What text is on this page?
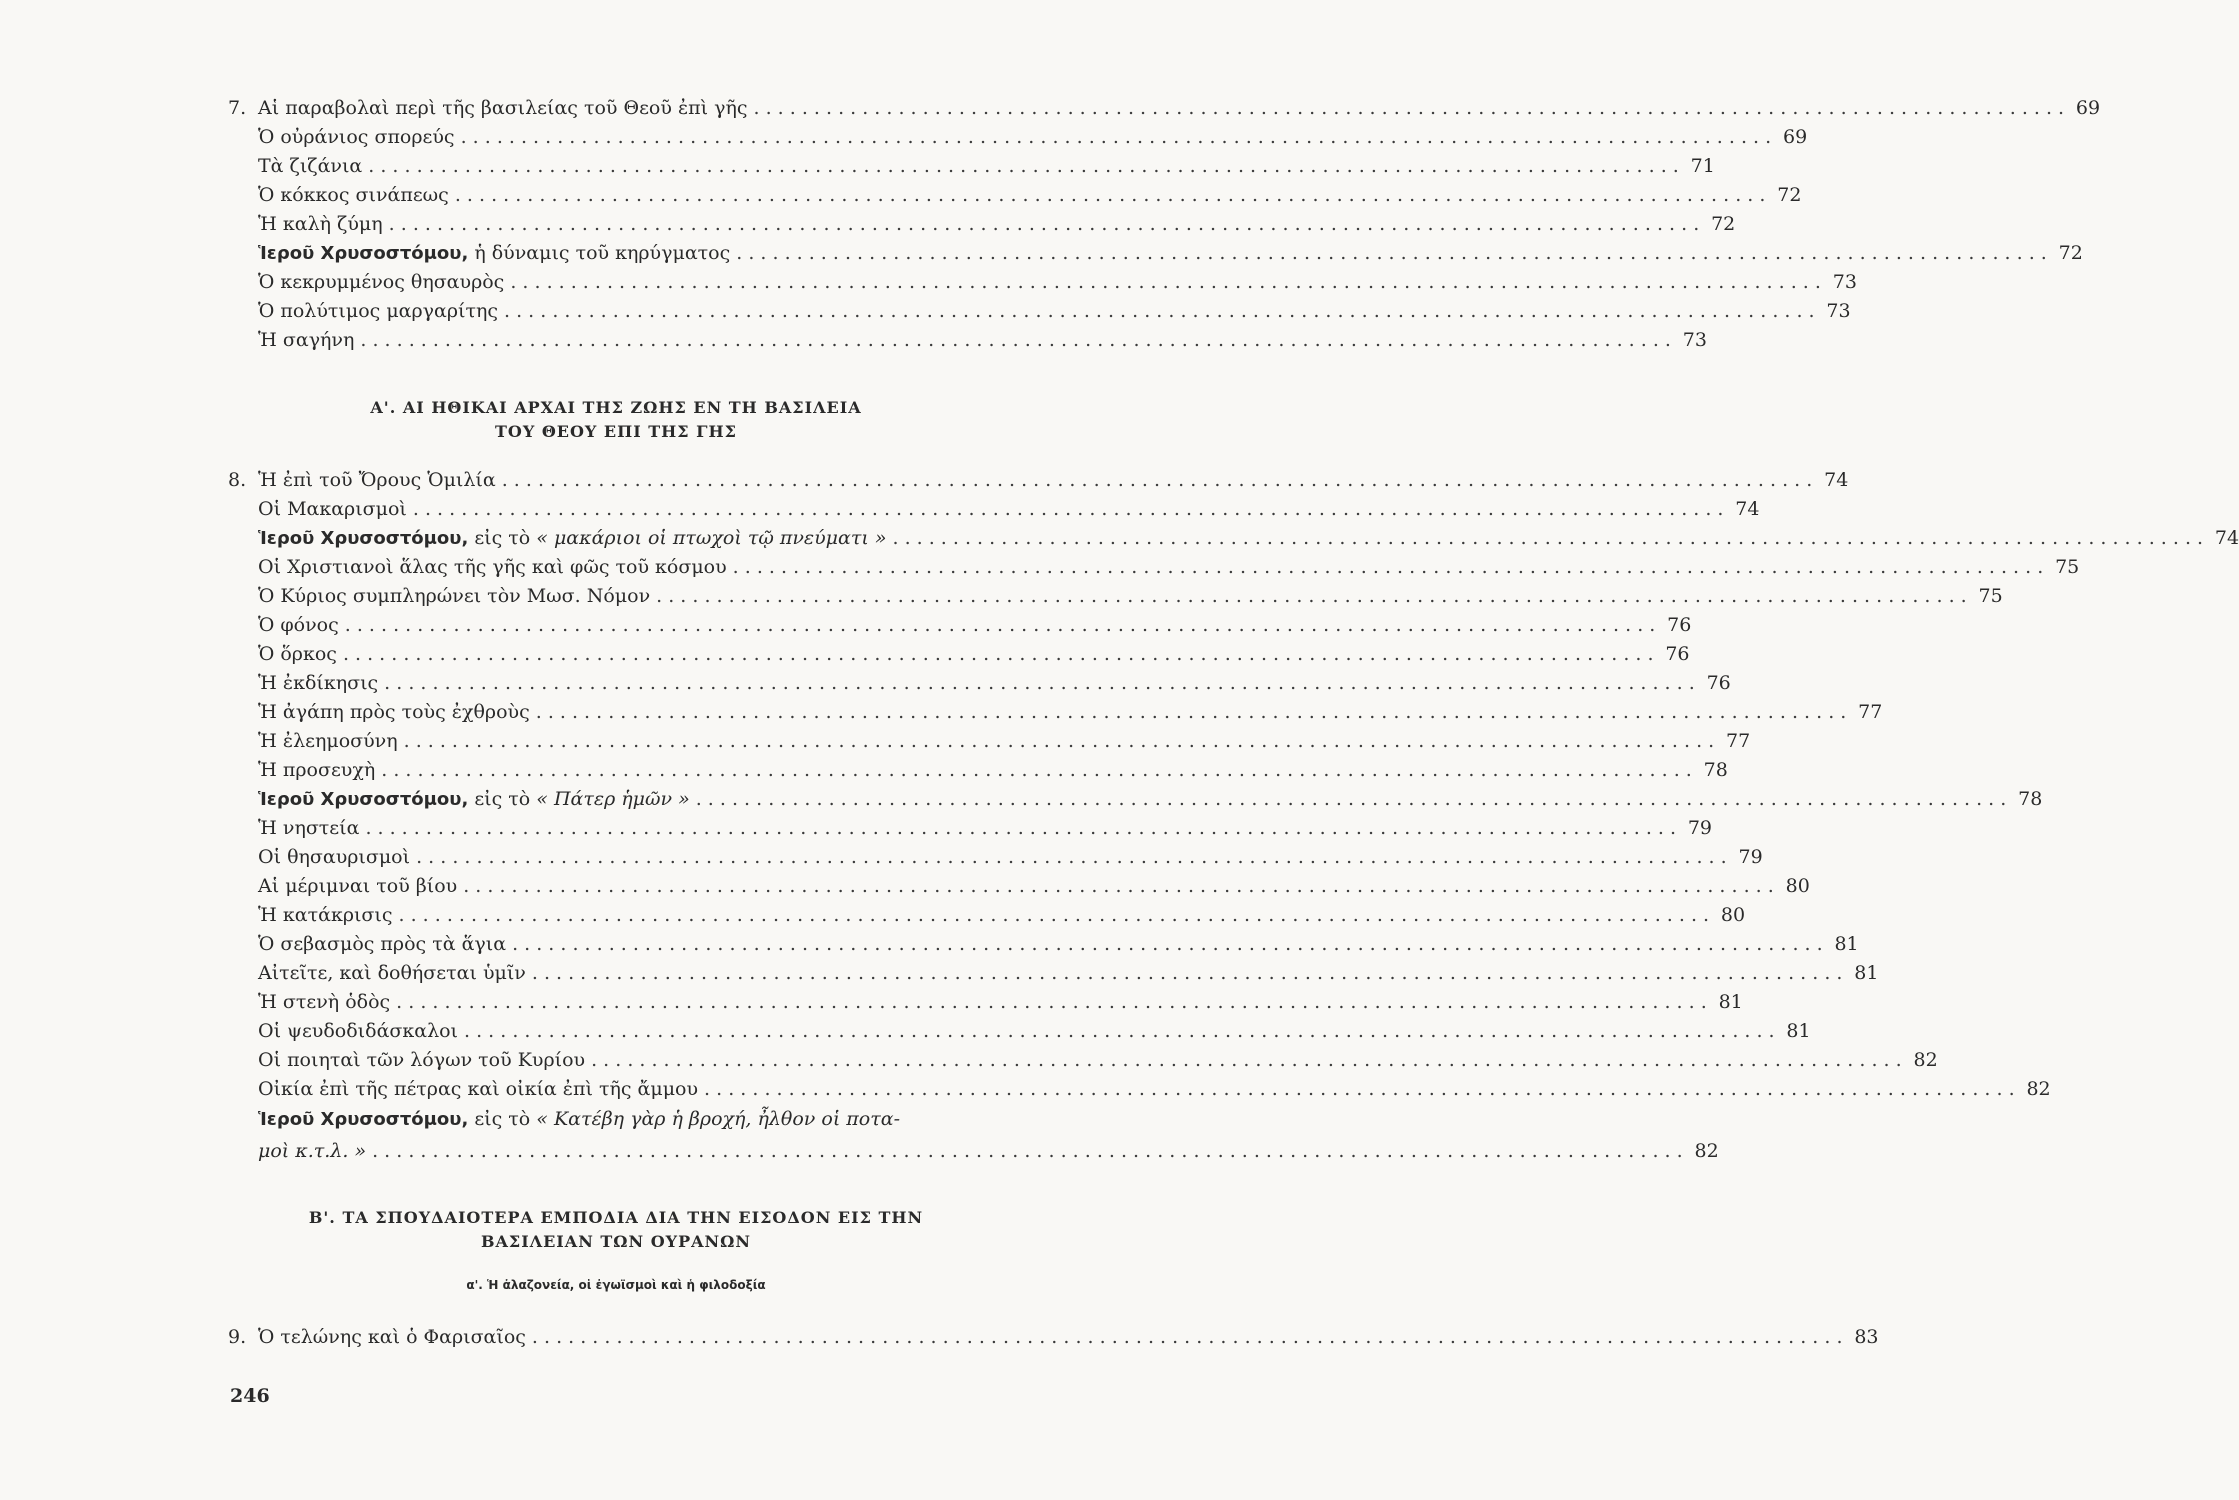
7. Αἱ παραβολαὶ περὶ τῆς βασιλείας τοῦ Θεοῦ ἐπὶ γῆς . . .	69
Ὁ οὐράνιος σπορεύς . . .	69
Τὰ ζιζάνια . . .	71
Ὁ κόκκος σινάπεως . . .	72
Ἡ καλὴ ζύμη . . .	72
Ἱεροῦ Χρυσοστόμου, ἡ δύναμις τοῦ κηρύγματος . . .	72
Ὁ κεκρυμμένος θησαυρὸς . . .	73
Ὁ πολύτιμος μαργαρίτης . . .	73
Ἡ σαγήνη . . .	73
Α'. ΑΙ ΗΘΙΚΑΙ ΑΡΧΑΙ ΤΗΣ ΖΩΗΣ ΕΝ ΤΗ ΒΑΣΙΛΕΙΑ
ΤΟΥ ΘΕΟΥ ΕΠΙ ΤΗΣ ΓΗΣ
8. Ἡ ἐπὶ τοῦ Ὄρους Ὁμιλία . . .	74
Οἱ Μακαρισμοὶ . . .	74
Ἱεροῦ Χρυσοστόμου, εἰς τὸ « μακάριοι οἱ πτωχοὶ τῷ πνεύματι » . . .	74
Οἱ Χριστιανοὶ ἅλας τῆς γῆς καὶ φῶς τοῦ κόσμου . . .	75
Ὁ Κύριος συμπληρώνει τὸν Μωσ. Νόμον . . .	75
Ὁ φόνος . . .	76
Ὁ ὅρκος . . .	76
Ἡ ἐκδίκησις . . .	76
Ἡ ἀγάπη πρὸς τοὺς ἐχθροὺς . . .	77
Ἡ ἐλεημοσύνη . . .	77
Ἡ προσευχὴ . . .	78
Ἱεροῦ Χρυσοστόμου, εἰς τὸ « Πάτερ ἡμῶν » . . .	78
Ἡ νηστεία . . .	79
Οἱ θησαυρισμοὶ . . .	79
Αἱ μέριμναι τοῦ βίου . . .	80
Ἡ κατάκρισις . . .	80
Ὁ σεβασμὸς πρὸς τὰ ἅγια . . .	81
Αἰτεῖτε, καὶ δοθήσεται ὑμῖν . . .	81
Ἡ στενὴ ὁδὸς . . .	81
Οἱ ψευδοδιδάσκαλοι . . .	81
Οἱ ποιηταὶ τῶν λόγων τοῦ Κυρίου . . .	82
Οἰκία ἐπὶ τῆς πέτρας καὶ οἰκία ἐπὶ τῆς ἄμμου . . .	82
Ἱεροῦ Χρυσοστόμου, εἰς τὸ « Κατέβη γὰρ ἡ βροχή, ἦλθον οἱ ποτα-
μοὶ κ.τ.λ. » . . .	82
Β'. ΤΑ ΣΠΟΥΔΑΙΟΤΕΡΑ ΕΜΠΟΔΙΑ ΔΙΑ ΤΗΝ ΕΙΣΟΔΟΝ ΕΙΣ ΤΗΝ
ΒΑΣΙΛΕΙΑΝ ΤΩΝ ΟΥΡΑΝΩΝ
α'. Ἡ ἀλαζονεία, οἱ ἐγωϊσμοὶ καὶ ἡ φιλοδοξία
9. Ὁ τελώνης καὶ ὁ Φαρισαῖος . . .	83
246
